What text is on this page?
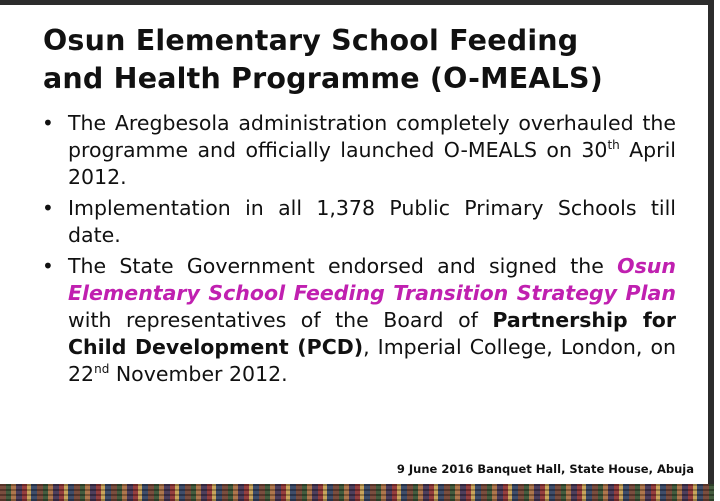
Osun Elementary School Feeding
and Health Programme (O-MEALS)
• The Aregbesola administration completely overhauled the programme and officially launched O-MEALS on 30th April 2012.
• Implementation in all 1,378 Public Primary Schools till date.
• The State Government endorsed and signed the Osun Elementary School Feeding Transition Strategy Plan with representatives of the Board of Partnership for Child Development (PCD), Imperial College, London, on 22nd November 2012.
9 June 2016 Banquet Hall, State House, Abuja
